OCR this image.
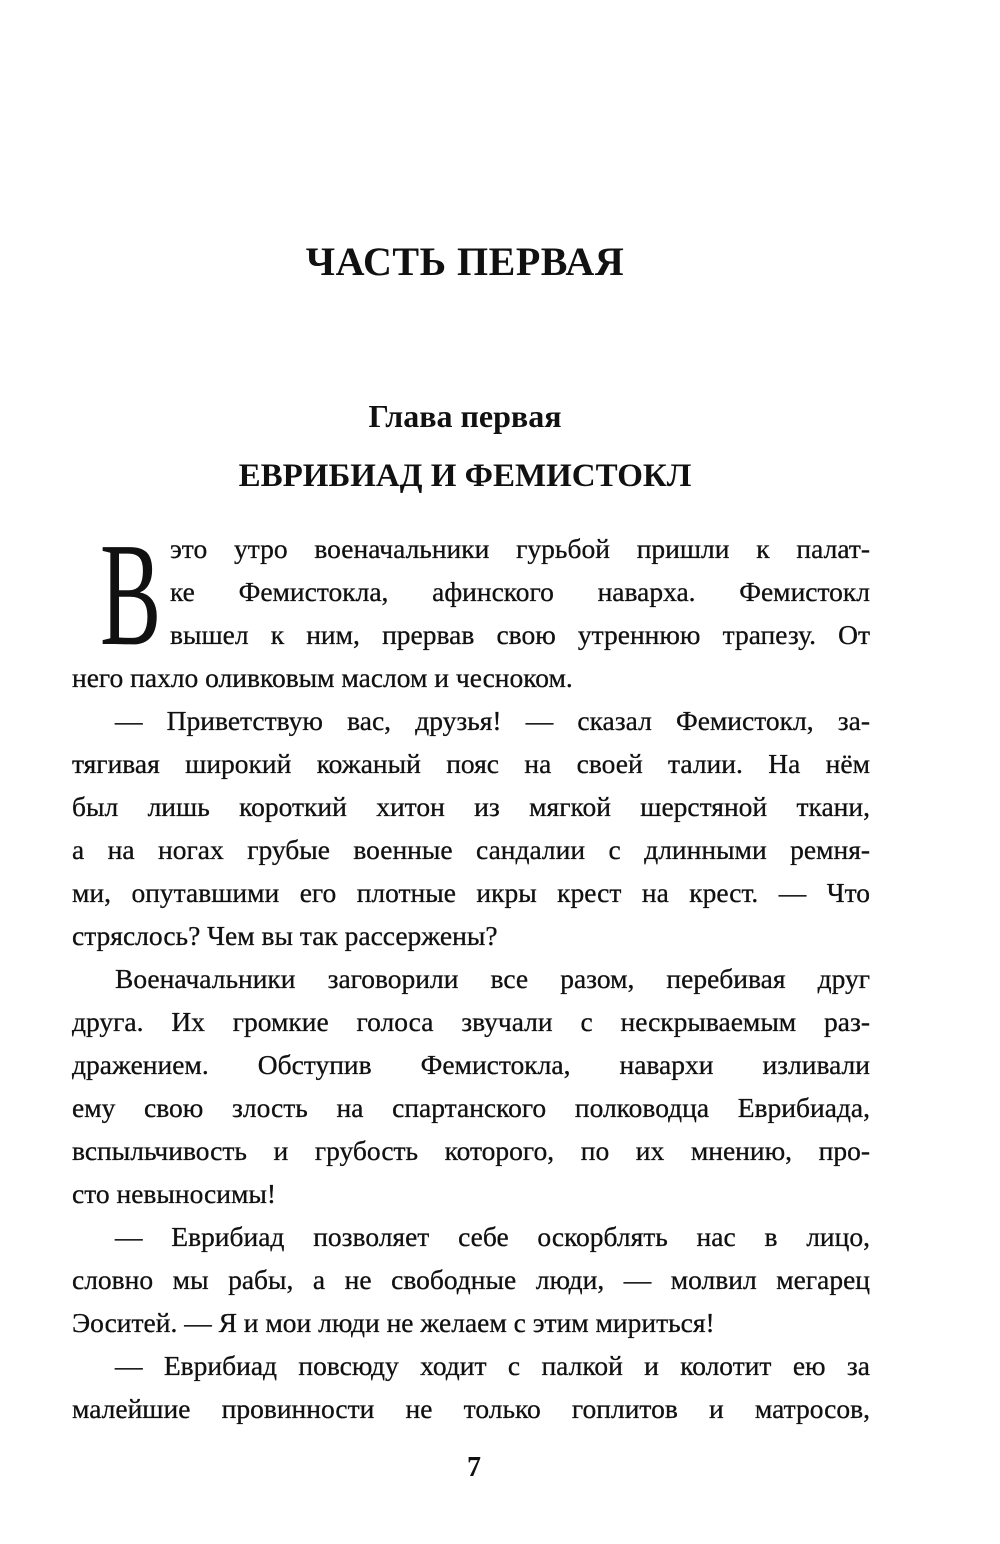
ЧАСТЬ ПЕРВАЯ
Глава первая
ЕВРИБИАД И ФЕМИСТОКЛ
В это утро военачальники гурьбой пришли к палат-
ке Фемистокла, афинского наварха. Фемистокл
вышел к ним, прервав свою утреннюю трапезу. От
него пахло оливковым маслом и чесноком.
— Приветствую вас, друзья! — сказал Фемистокл, за-
тягивая широкий кожаный пояс на своей талии. На нём
был лишь короткий хитон из мягкой шерстяной ткани,
а на ногах грубые военные сандалии с длинными ремня-
ми, опутавшими его плотные икры крест на крест. — Что
стряслось? Чем вы так рассержены?
Военачальники заговорили все разом, перебивая друг
друга. Их громкие голоса звучали с нескрываемым раз-
дражением. Обступив Фемистокла, навархи изливали
ему свою злость на спартанского полководца Еврибиада,
вспыльчивость и грубость которого, по их мнению, про-
сто невыносимы!
— Еврибиад позволяет себе оскорблять нас в лицо,
словно мы рабы, а не свободные люди, — молвил мегарец
Эоситей. — Я и мои люди не желаем с этим мириться!
— Еврибиад повсюду ходит с палкой и колотит ею за
малейшие провинности не только гоплитов и матросов,
7
